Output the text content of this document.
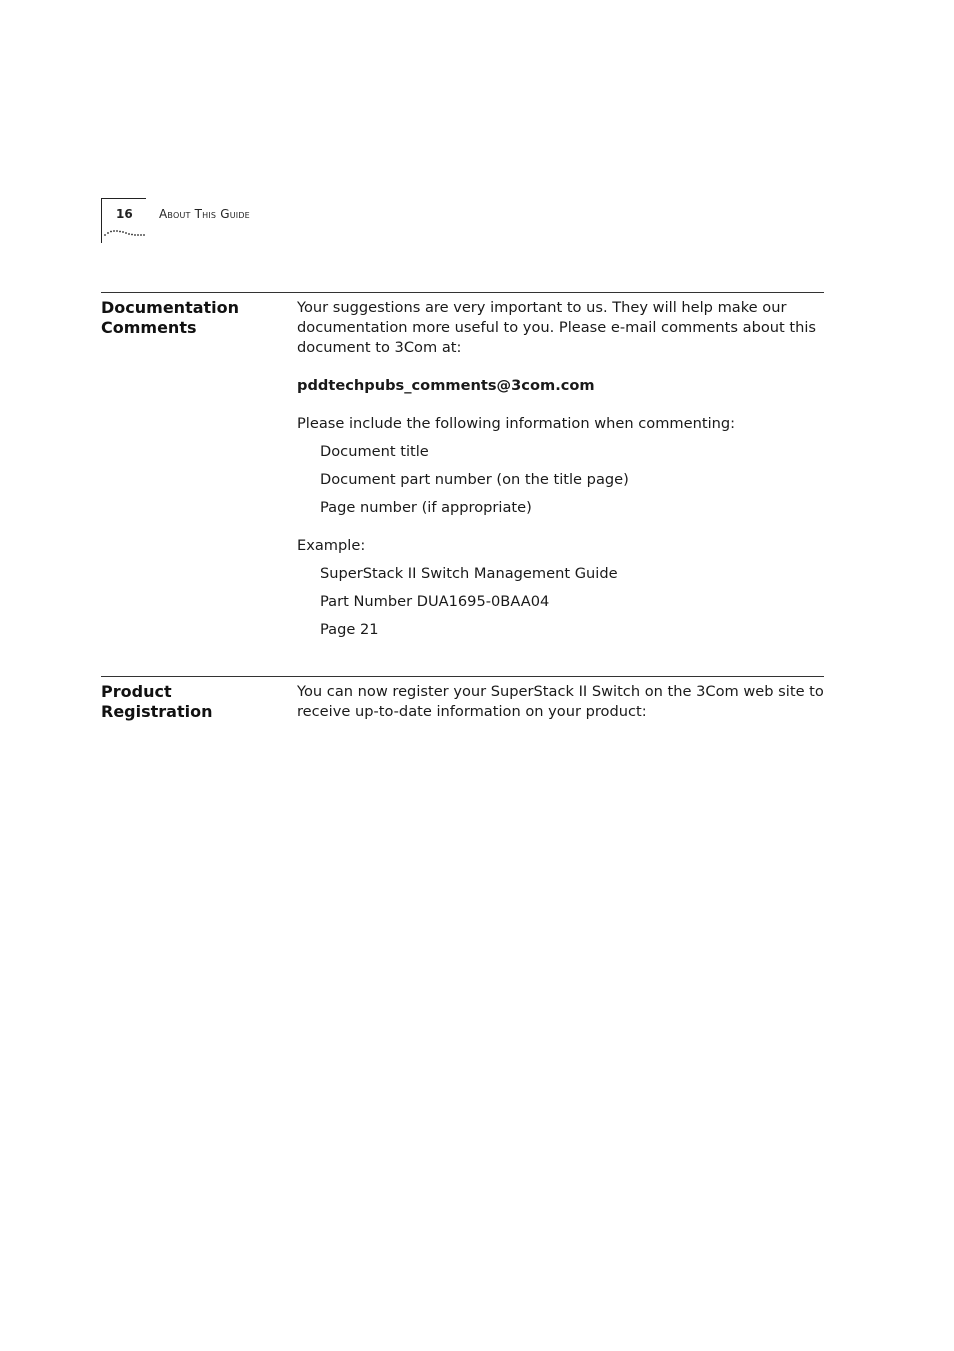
16 About This Guide
Documentation
Comments

Your suggestions are very important to us. They will help make our documentation more useful to you. Please e-mail comments about this document to 3Com at:

pddtechpubs_comments@3com.com

Please include the following information when commenting:

Document title
Document part number (on the title page)
Page number (if appropriate)

Example:

SuperStack II Switch Management Guide
Part Number DUA1695-0BAA04
Page 21
Product
Registration

You can now register your SuperStack II Switch on the 3Com web site to receive up-to-date information on your product:
